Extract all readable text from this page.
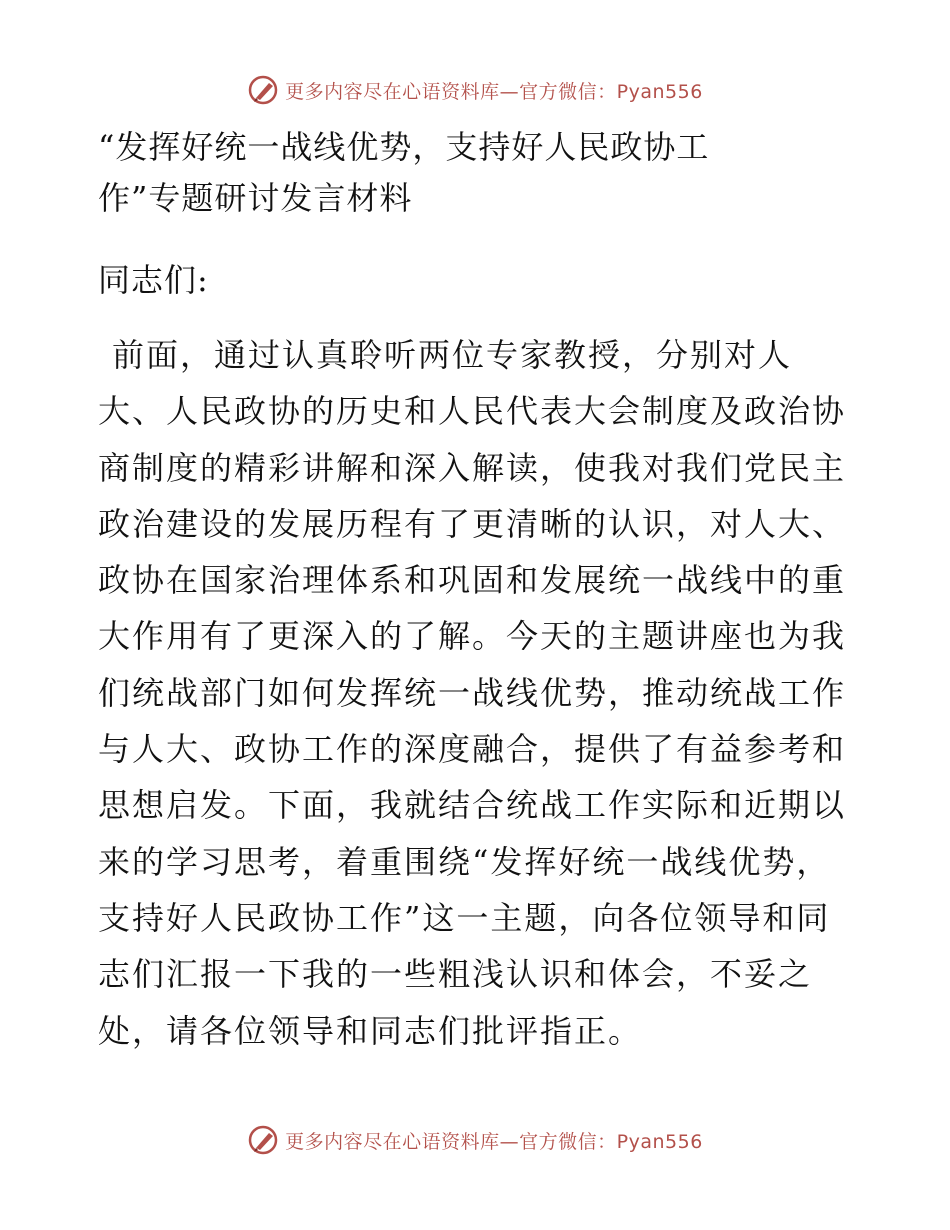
更多内容尽在心语资料库—官方微信：Pyan556
“发挥好统一战线优势，支持好人民政协工
作”专题研讨发言材料
同志们:
前面，通过认真聆听两位专家教授，分别对人
大、人民政协的历史和人民代表大会制度及政治协
商制度的精彩讲解和深入解读，使我对我们党民主
政治建设的发展历程有了更清晰的认识，对人大、
政协在国家治理体系和巩固和发展统一战线中的重
大作用有了更深入的了解。今天的主题讲座也为我
们统战部门如何发挥统一战线优势，推动统战工作
与人大、政协工作的深度融合，提供了有益参考和
思想启发。下面，我就结合统战工作实际和近期以
来的学习思考，着重围绕“发挥好统一战线优势，
支持好人民政协工作”这一主题，向各位领导和同
志们汇报一下我的一些粗浅认识和体会，不妥之
处，请各位领导和同志们批评指正。
更多内容尽在心语资料库—官方微信：Pyan556
